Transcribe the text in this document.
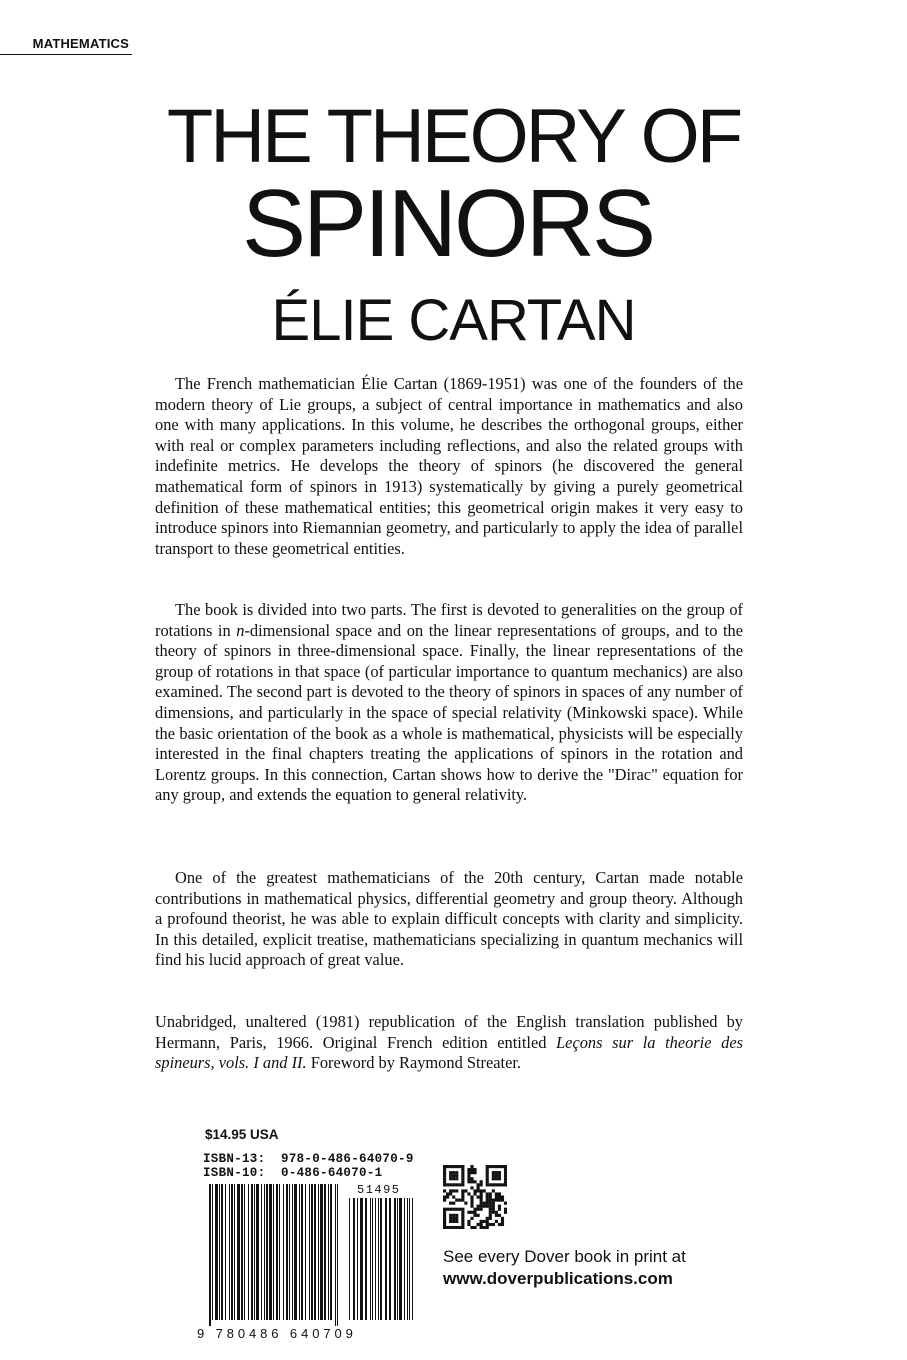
MATHEMATICS
THE THEORY OF
SPINORS
ÉLIE CARTAN
The French mathematician Élie Cartan (1869-1951) was one of the founders of the modern theory of Lie groups, a subject of central importance in mathematics and also one with many applications. In this volume, he describes the orthogonal groups, either with real or complex parameters including reflections, and also the related groups with indefinite metrics. He develops the theory of spinors (he discovered the general mathematical form of spinors in 1913) systematically by giving a purely geometrical definition of these mathematical entities; this geometrical origin makes it very easy to introduce spinors into Riemannian geometry, and particularly to apply the idea of parallel transport to these geometrical entities.
The book is divided into two parts. The first is devoted to generalities on the group of rotations in n-dimensional space and on the linear representations of groups, and to the theory of spinors in three-dimensional space. Finally, the linear representations of the group of rotations in that space (of particular importance to quantum mechanics) are also examined. The second part is devoted to the theory of spinors in spaces of any number of dimensions, and particularly in the space of special relativity (Minkowski space). While the basic orientation of the book as a whole is mathematical, physicists will be especially interested in the final chapters treating the applications of spinors in the rotation and Lorentz groups. In this connection, Cartan shows how to derive the "Dirac" equation for any group, and extends the equation to general relativity.
One of the greatest mathematicians of the 20th century, Cartan made notable contributions in mathematical physics, differential geometry and group theory. Although a profound theorist, he was able to explain difficult concepts with clarity and simplicity. In this detailed, explicit treatise, mathematicians specializing in quantum mechanics will find his lucid approach of great value.
Unabridged, unaltered (1981) republication of the English translation published by Hermann, Paris, 1966. Original French edition entitled Leçons sur la theorie des spineurs, vols. I and II. Foreword by Raymond Streater.
$14.95 USA
ISBN-13:  978-0-486-64070-9
ISBN-10:  0-486-64070-1
51495
9 780486 640709
See every Dover book in print at
www.doverpublications.com
